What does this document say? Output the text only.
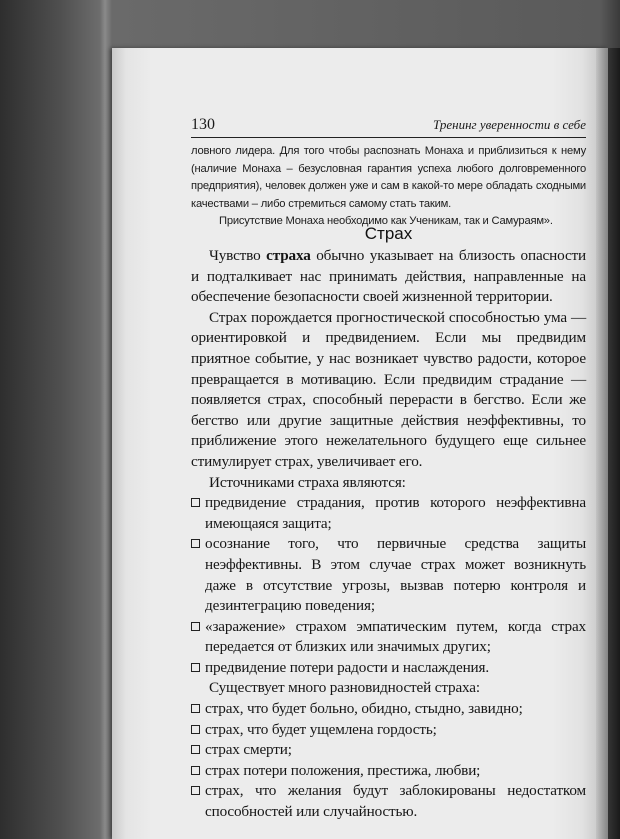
130	Тренинг уверенности в себе

ловного лидера. Для того чтобы распознать Монаха и приблизиться к нему (наличие Монаха – безусловная гарантия успеха любого долговременного предприятия), человек должен уже и сам в какой-то мере обладать сходными качествами – либо стремиться самому стать таким.

Присутствие Монаха необходимо как Ученикам, так и Самураям».

Страх

Чувство страха обычно указывает на близость опасности и подталкивает нас принимать действия, направленные на обеспечение безопасности своей жизненной территории.

Страх порождается прогностической способностью ума — ориентировкой и предвидением. Если мы предвидим приятное событие, у нас возникает чувство радости, которое превращается в мотивацию. Если предвидим страдание — появляется страх, способный перерасти в бегство. Если же бегство или другие защитные действия неэффективны, то приближение этого нежелательного будущего еще сильнее стимулирует страх, увеличивает его.

Источниками страха являются:

предвидение страдания, против которого неэффективна имеющаяся защита;
осознание того, что первичные средства защиты неэффективны. В этом случае страх может возникнуть даже в отсутствие угрозы, вызвав потерю контроля и дезинтеграцию поведения;
«заражение» страхом эмпатическим путем, когда страх передается от близких или значимых других;
предвидение потери радости и наслаждения.

Существует много разновидностей страха:

страх, что будет больно, обидно, стыдно, завидно;
страх, что будет ущемлена гордость;
страх смерти;
страх потери положения, престижа, любви;
страх, что желания будут заблокированы недостатком способностей или случайностью.
